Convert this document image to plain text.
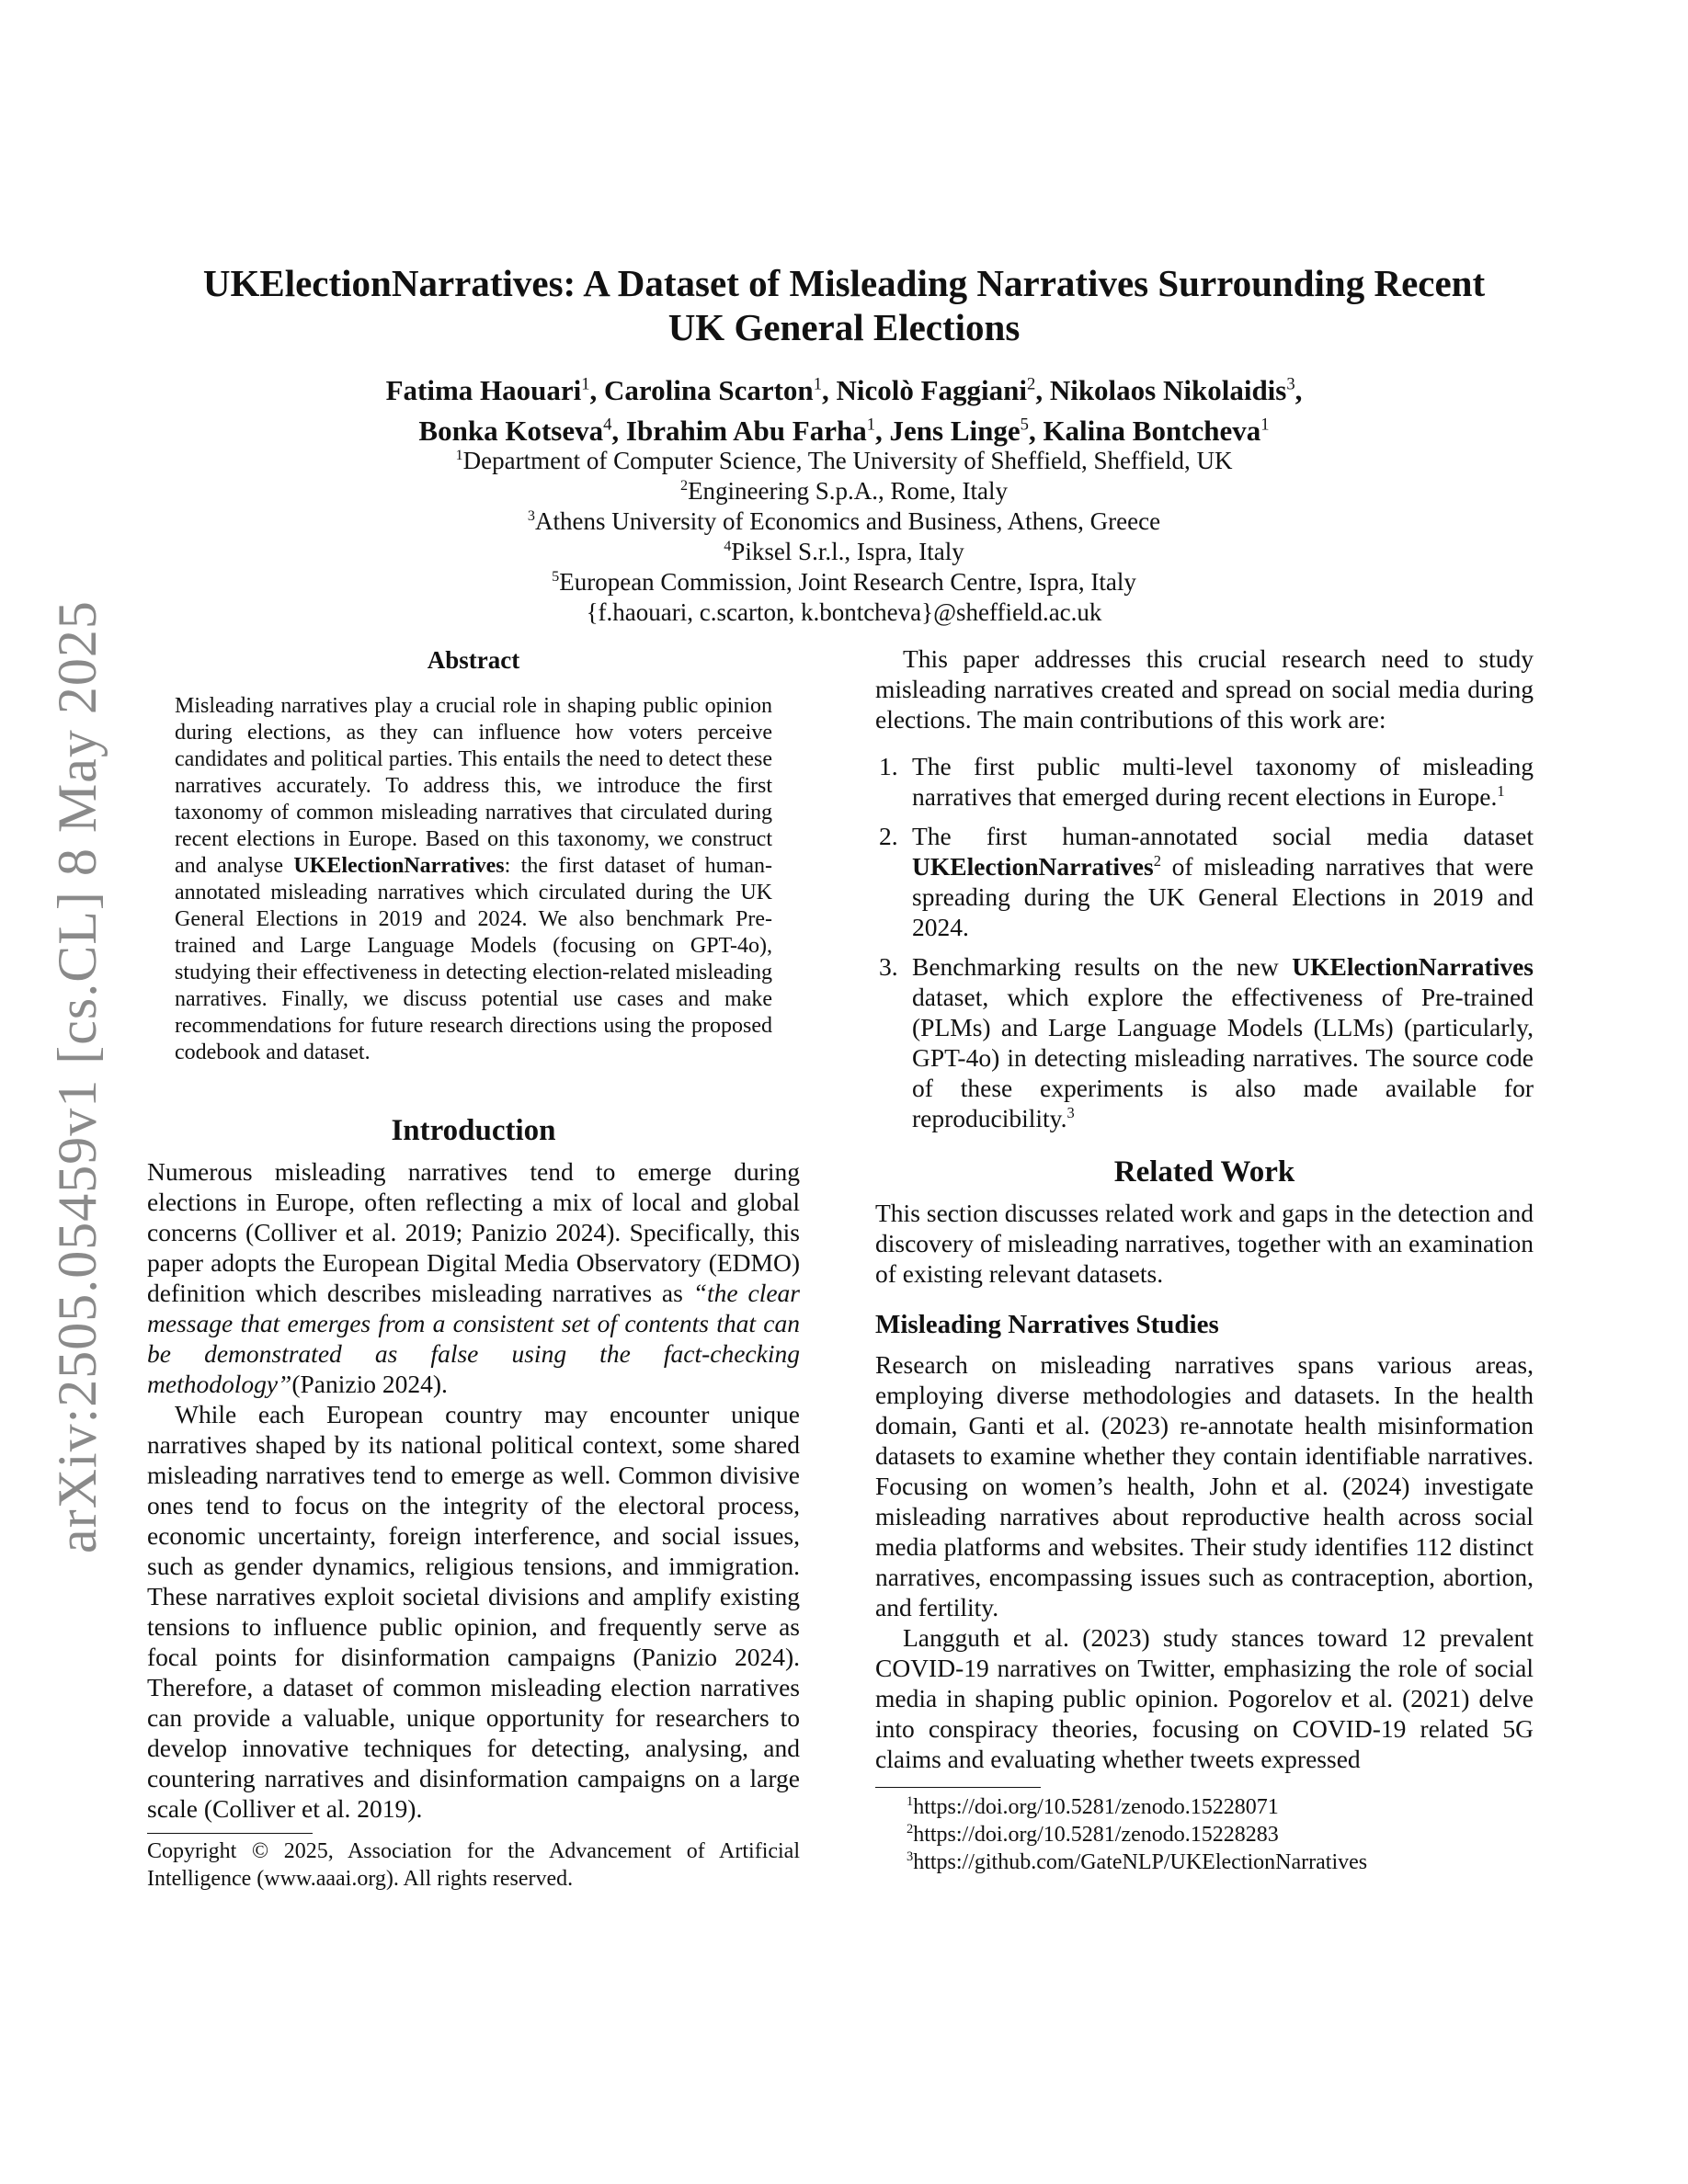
arXiv:2505.05459v1 [cs.CL] 8 May 2025
UKElectionNarratives: A Dataset of Misleading Narratives Surrounding Recent
UK General Elections
Fatima Haouari$^1$, Carolina Scarton$^1$, Nicolò Faggiani$^2$, Nikolaos Nikolaidis$^3$,
Bonka Kotseva$^4$, Ibrahim Abu Farha$^1$, Jens Linge$^5$, Kalina Bontcheva$^1$
$^1$Department of Computer Science, The University of Sheffield, Sheffield, UK
$^2$Engineering S.p.A., Rome, Italy
$^3$Athens University of Economics and Business, Athens, Greece
$^4$Piksel S.r.l., Ispra, Italy
$^5$European Commission, Joint Research Centre, Ispra, Italy
{f.haouari, c.scarton, k.bontcheva}@sheffield.ac.uk
Abstract

Misleading narratives play a crucial role in shaping public opinion during elections, as they can influence how voters perceive candidates and political parties. This entails the need to detect these narratives accurately. To address this, we introduce the first taxonomy of common misleading narratives that circulated during recent elections in Europe. Based on this taxonomy, we construct and analyse UKElectionNarratives: the first dataset of human-annotated misleading narratives which circulated during the UK General Elections in 2019 and 2024. We also benchmark Pre-trained and Large Language Models (focusing on GPT-4o), studying their effectiveness in detecting election-related misleading narratives. Finally, we discuss potential use cases and make recommendations for future research directions using the proposed codebook and dataset.

Introduction

Numerous misleading narratives tend to emerge during elections in Europe, often reflecting a mix of local and global concerns (Colliver et al. 2019; Panizio 2024). Specifically, this paper adopts the European Digital Media Observatory (EDMO) definition which describes misleading narratives as “the clear message that emerges from a consistent set of contents that can be demonstrated as false using the fact-checking methodology”(Panizio 2024).

While each European country may encounter unique narratives shaped by its national political context, some shared misleading narratives tend to emerge as well. Common divisive ones tend to focus on the integrity of the electoral process, economic uncertainty, foreign interference, and social issues, such as gender dynamics, religious tensions, and immigration. These narratives exploit societal divisions and amplify existing tensions to influence public opinion, and frequently serve as focal points for disinformation campaigns (Panizio 2024). Therefore, a dataset of common misleading election narratives can provide a valuable, unique opportunity for researchers to develop innovative techniques for detecting, analysing, and countering narratives and disinformation campaigns on a large scale (Colliver et al. 2019).

Copyright © 2025, Association for the Advancement of Artificial Intelligence (www.aaai.org). All rights reserved.

This paper addresses this crucial research need to study misleading narratives created and spread on social media during elections. The main contributions of this work are:

1. The first public multi-level taxonomy of misleading narratives that emerged during recent elections in Europe.$^1$
2. The first human-annotated social media dataset UKElectionNarratives$^2$ of misleading narratives that were spreading during the UK General Elections in 2019 and 2024.
3. Benchmarking results on the new UKElectionNarratives dataset, which explore the effectiveness of Pre-trained (PLMs) and Large Language Models (LLMs) (particularly, GPT-4o) in detecting misleading narratives. The source code of these experiments is also made available for reproducibility.$^3$
Related Work

This section discusses related work and gaps in the detection and discovery of misleading narratives, together with an examination of existing relevant datasets.

Misleading Narratives Studies

Research on misleading narratives spans various areas, employing diverse methodologies and datasets. In the health domain, Ganti et al. (2023) re-annotate health misinformation datasets to examine whether they contain identifiable narratives. Focusing on women’s health, John et al. (2024) investigate misleading narratives about reproductive health across social media platforms and websites. Their study identifies 112 distinct narratives, encompassing issues such as contraception, abortion, and fertility.

Langguth et al. (2023) study stances toward 12 prevalent COVID-19 narratives on Twitter, emphasizing the role of social media in shaping public opinion. Pogorelov et al. (2021) delve into conspiracy theories, focusing on COVID-19 related 5G claims and evaluating whether tweets expressed

$^1$https://doi.org/10.5281/zenodo.15228071

$^2$https://doi.org/10.5281/zenodo.15228283

$^3$https://github.com/GateNLP/UKElectionNarratives
